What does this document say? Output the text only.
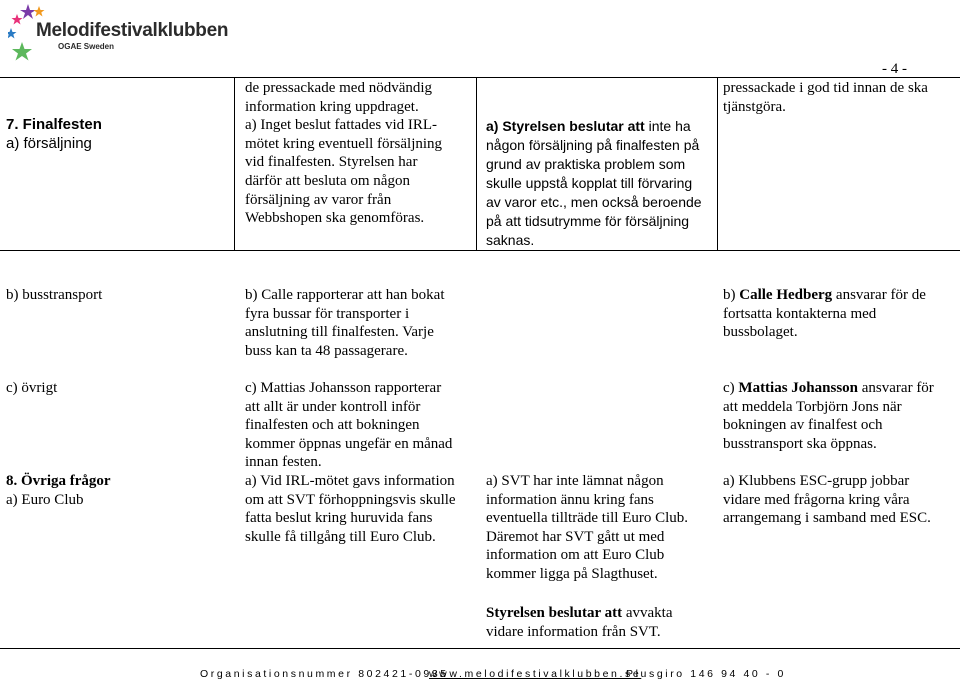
Melodifestivalklubben
OGAE Sweden
- 4 -
7. Finalfesten
a) försäljning
de pressackade med nödvändig
information kring uppdraget.
a) Inget beslut fattades vid IRL-
mötet kring eventuell försäljning
vid finalfesten. Styrelsen har
därför att besluta om någon
försäljning av varor från
Webbshopen ska genomföras.
a) Styrelsen beslutar att inte ha
någon försäljning på finalfesten på
grund av praktiska problem som
skulle uppstå kopplat till förvaring
av varor etc., men också beroende
på att tidsutrymme för försäljning
saknas.
pressackade i god tid innan de ska
tjänstgöra.
b) busstransport	b) Calle rapporterar att han bokat
fyra bussar för transporter i
anslutning till finalfesten. Varje
buss kan ta 48 passagerare.
b) Calle Hedberg ansvarar för de
fortsatta kontakterna med
bussbolaget.
c) övrigt	c) Mattias Johansson rapporterar
att allt är under kontroll inför
finalfesten och att bokningen
kommer öppnas ungefär en månad
innan festen.
c) Mattias Johansson ansvarar för
att meddela Torbjörn Jons när
bokningen av finalfest och
busstransport ska öppnas.
8. Övriga frågor
a) Euro Club
a) Vid IRL-mötet gavs information
om att SVT förhoppningsvis skulle
fatta beslut kring huruvida fans
skulle få tillgång till Euro Club.
a) SVT har inte lämnat någon
information ännu kring fans
eventuella tillträde till Euro Club.
Däremot har SVT gått ut med
information om att Euro Club
kommer ligga på Slagthuset.
Styrelsen beslutar att avvakta
vidare information från SVT.
a) Klubbens ESC-grupp jobbar
vidare med frågorna kring våra
arrangemang i samband med ESC.
Organisationsnummer 802421-0935
www.melodifestivalklubben.se
Plusgiro 146 94 40 - 0
